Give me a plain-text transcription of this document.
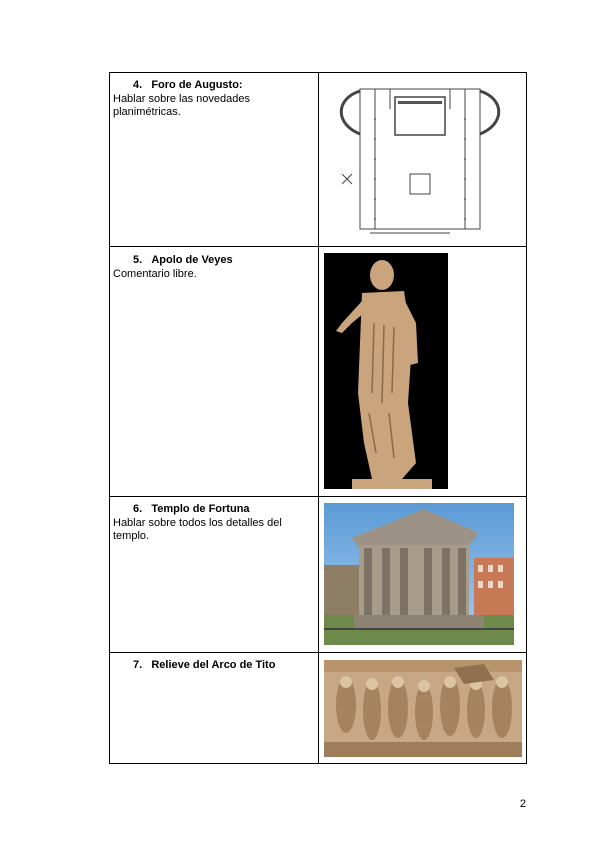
4.   Foro de Augusto:
Hablar sobre las novedades planimétricas.
5.   Apolo de Veyes
Comentario libre.
6.   Templo de Fortuna
Hablar sobre todos los detalles del templo.
7.   Relieve del Arco de Tito
2
